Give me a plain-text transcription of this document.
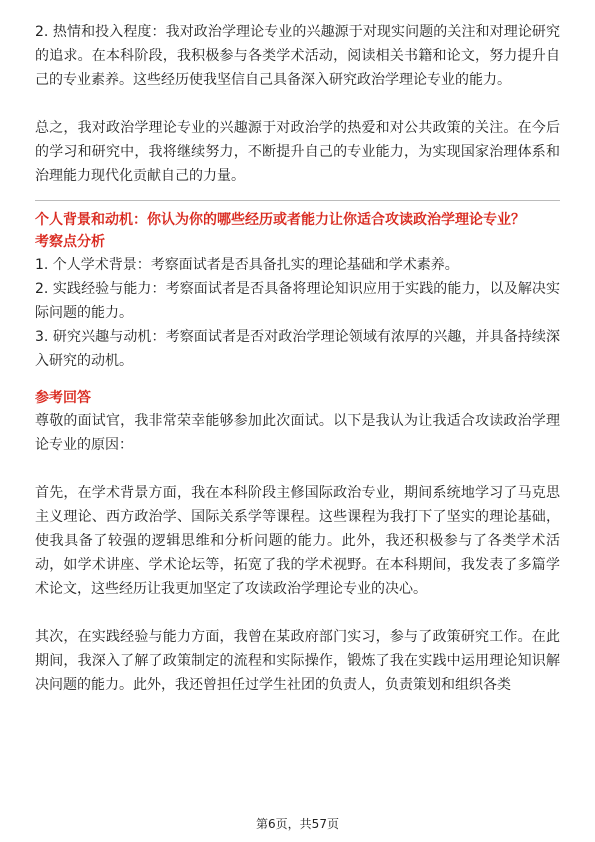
2. 热情和投入程度：我对政治学理论专业的兴趣源于对现实问题的关注和对理论研究的追求。在本科阶段，我积极参与各类学术活动，阅读相关书籍和论文，努力提升自己的专业素养。这些经历使我坚信自己具备深入研究政治学理论专业的能力。

总之，我对政治学理论专业的兴趣源于对政治学的热爱和对公共政策的关注。在今后的学习和研究中，我将继续努力，不断提升自己的专业能力，为实现国家治理体系和治理能力现代化贡献自己的力量。

个人背景和动机：你认为你的哪些经历或者能力让你适合攻读政治学理论专业？

考察点分析

1. 个人学术背景：考察面试者是否具备扎实的理论基础和学术素养。

2. 实践经验与能力：考察面试者是否具备将理论知识应用于实践的能力，以及解决实际问题的能力。

3. 研究兴趣与动机：考察面试者是否对政治学理论领域有浓厚的兴趣，并具备持续深入研究的动机。

参考回答

尊敬的面试官，我非常荣幸能够参加此次面试。以下是我认为让我适合攻读政治学理论专业的原因：

首先，在学术背景方面，我在本科阶段主修国际政治专业，期间系统地学习了马克思主义理论、西方政治学、国际关系学等课程。这些课程为我打下了坚实的理论基础，使我具备了较强的逻辑思维和分析问题的能力。此外，我还积极参与了各类学术活动，如学术讲座、学术论坛等，拓宽了我的学术视野。在本科期间，我发表了多篇学术论文，这些经历让我更加坚定了攻读政治学理论专业的决心。

其次，在实践经验与能力方面，我曾在某政府部门实习，参与了政策研究工作。在此期间，我深入了解了政策制定的流程和实际操作，锻炼了我在实践中运用理论知识解决问题的能力。此外，我还曾担任过学生社团的负责人，负责策划和组织各类

第6页，共57页
